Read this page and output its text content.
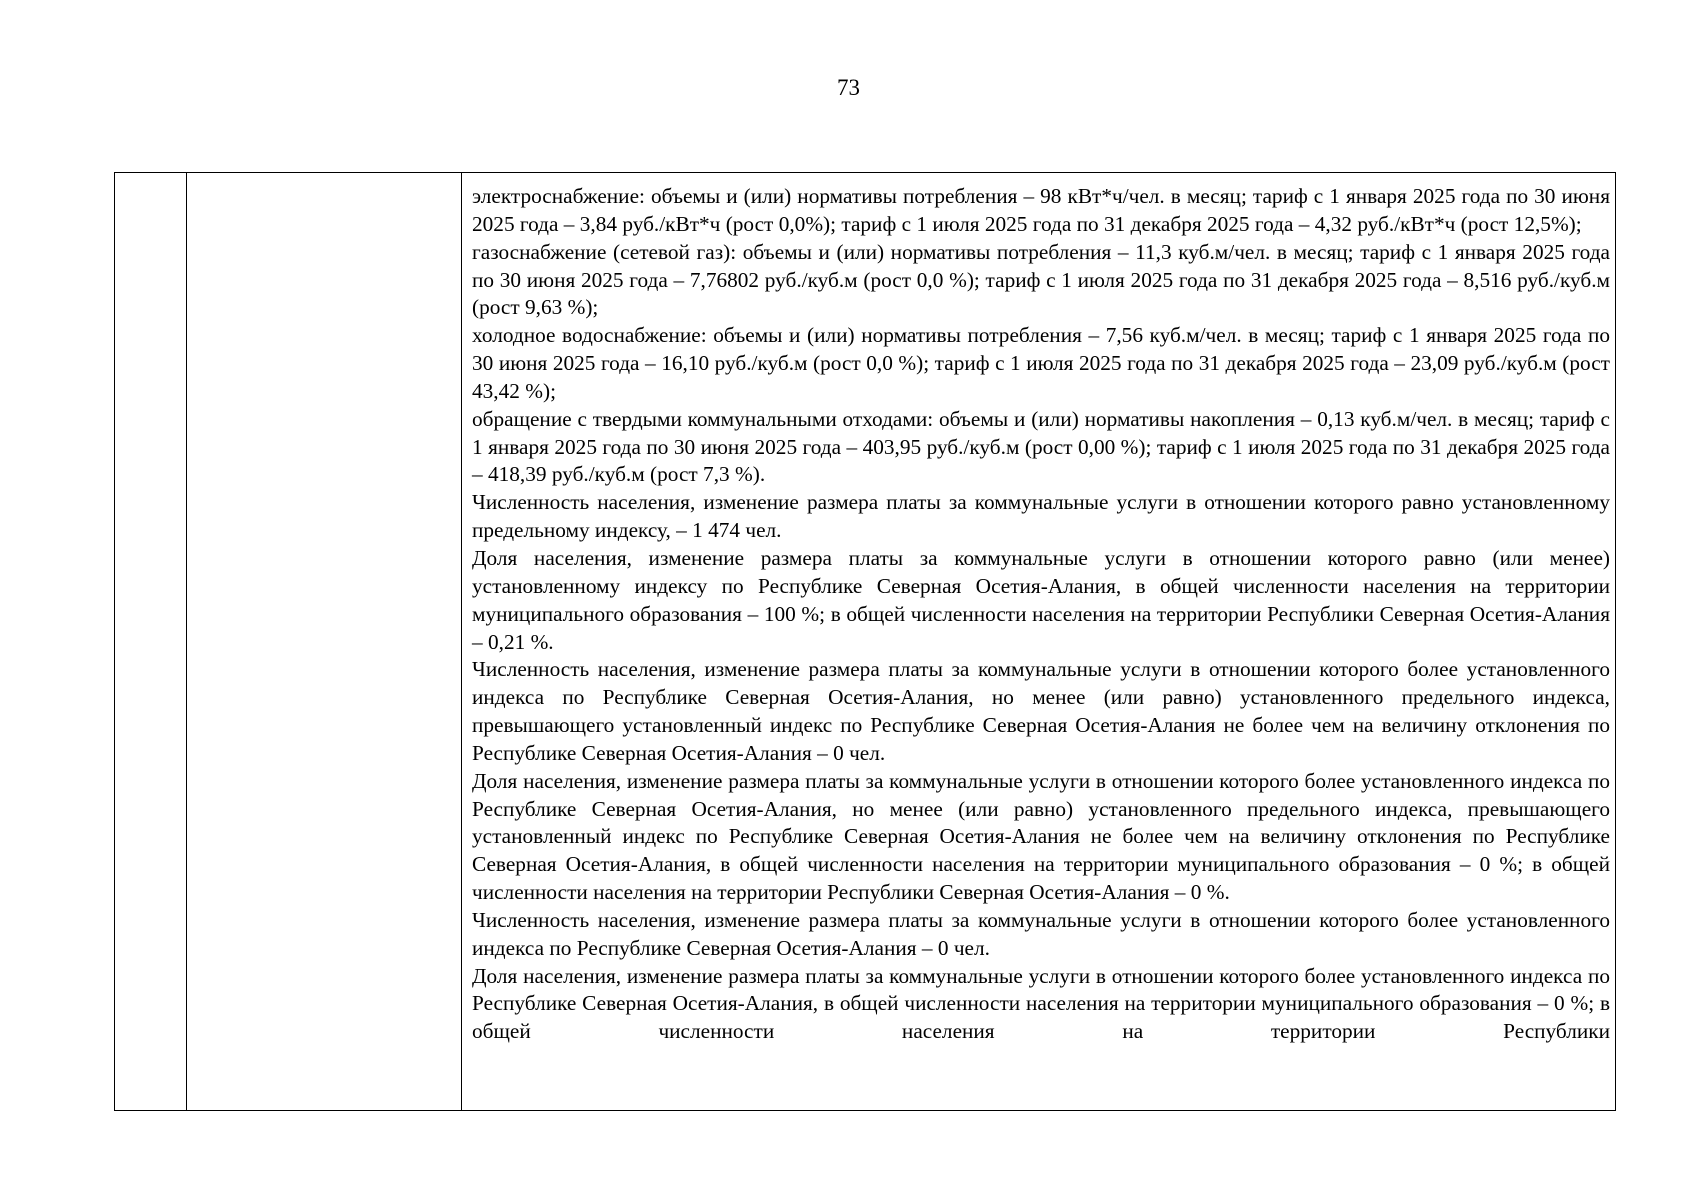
73

электроснабжение: объемы и (или) нормативы потребления – 98 кВт*ч/чел. в месяц; тариф с 1 января 2025 года по 30 июня 2025 года – 3,84 руб./кВт*ч (рост 0,0%); тариф с 1 июля 2025 года по 31 декабря 2025 года – 4,32 руб./кВт*ч (рост 12,5%);

газоснабжение (сетевой газ): объемы и (или) нормативы потребления – 11,3 куб.м/чел. в месяц; тариф с 1 января 2025 года по 30 июня 2025 года – 7,76802 руб./куб.м (рост 0,0 %); тариф с 1 июля 2025 года по 31 декабря 2025 года – 8,516 руб./куб.м (рост 9,63 %);

холодное водоснабжение: объемы и (или) нормативы потребления – 7,56 куб.м/чел. в месяц; тариф с 1 января 2025 года по 30 июня 2025 года – 16,10 руб./куб.м (рост 0,0 %); тариф с 1 июля 2025 года по 31 декабря 2025 года – 23,09 руб./куб.м (рост 43,42 %);

обращение с твердыми коммунальными отходами: объемы и (или) нормативы накопления – 0,13 куб.м/чел. в месяц; тариф с 1 января 2025 года по 30 июня 2025 года – 403,95 руб./куб.м (рост 0,00 %); тариф с 1 июля 2025 года по 31 декабря 2025 года – 418,39 руб./куб.м (рост 7,3 %).

Численность населения, изменение размера платы за коммунальные услуги в отношении которого равно установленному предельному индексу, – 1 474 чел.

Доля населения, изменение размера платы за коммунальные услуги в отношении которого равно (или менее) установленному индексу по Республике Северная Осетия-Алания, в общей численности населения на территории муниципального образования – 100 %; в общей численности населения на территории Республики Северная Осетия-Алания – 0,21 %.

Численность населения, изменение размера платы за коммунальные услуги в отношении которого более установленного индекса по Республике Северная Осетия-Алания, но менее (или равно) установленного предельного индекса, превышающего установленный индекс по Республике Северная Осетия-Алания не более чем на величину отклонения по Республике Северная Осетия-Алания – 0 чел.

Доля населения, изменение размера платы за коммунальные услуги в отношении которого более установленного индекса по Республике Северная Осетия-Алания, но менее (или равно) установленного предельного индекса, превышающего установленный индекс по Республике Северная Осетия-Алания не более чем на величину отклонения по Республике Северная Осетия-Алания, в общей численности населения на территории муниципального образования – 0 %; в общей численности населения на территории Республики Северная Осетия-Алания – 0 %.

Численность населения, изменение размера платы за коммунальные услуги в отношении которого более установленного индекса по Республике Северная Осетия-Алания – 0 чел.

Доля населения, изменение размера платы за коммунальные услуги в отношении которого более установленного индекса по Республике Северная Осетия-Алания, в общей численности населения на территории муниципального образования – 0 %; в общей численности населения на территории Республики
